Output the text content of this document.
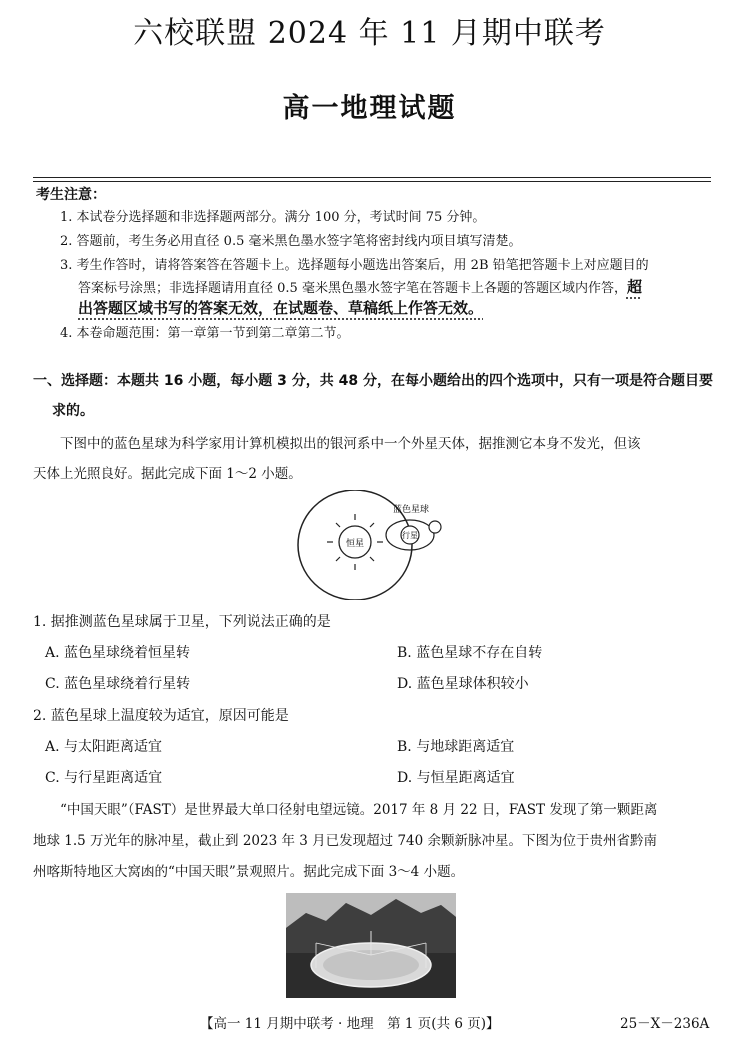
六校联盟 2024 年 11 月期中联考
高一地理试题
考生注意：
1. 本试卷分选择题和非选择题两部分。满分 100 分，考试时间 75 分钟。
2. 答题前，考生务必用直径 0.5 毫米黑色墨水签字笔将密封线内项目填写清楚。
3. 考生作答时，请将答案答在答题卡上。选择题每小题选出答案后，用 2B 铅笔把答题卡上对应题目的
答案标号涂黑；非选择题请用直径 0.5 毫米黑色墨水签字笔在答题卡上各题的答题区域内作答，超
出答题区域书写的答案无效，在试题卷、草稿纸上作答无效。
4. 本卷命题范围：第一章第一节到第二章第二节。
一、选择题：本题共 16 小题，每小题 3 分，共 48 分，在每小题给出的四个选项中，只有一项是符合题目要
求的。
下图中的蓝色星球为科学家用计算机模拟出的银河系中一个外星天体，据推测它本身不发光，但该
天体上光照良好。据此完成下面 1～2 小题。
恒星
行星
蓝色星球
1. 据推测蓝色星球属于卫星，下列说法正确的是
A. 蓝色星球绕着恒星转	B. 蓝色星球不存在自转
C. 蓝色星球绕着行星转	D. 蓝色星球体积较小
2. 蓝色星球上温度较为适宜，原因可能是
A. 与太阳距离适宜	B. 与地球距离适宜
C. 与行星距离适宜	D. 与恒星距离适宜
“中国天眼”（FAST）是世界最大单口径射电望远镜。2017 年 8 月 22 日，FAST 发现了第一颗距离
地球 1.5 万光年的脉冲星，截止到 2023 年 3 月已发现超过 740 余颗新脉冲星。下图为位于贵州省黔南
州喀斯特地区大窝凼的“中国天眼”景观照片。据此完成下面 3～4 小题。
【高一 11 月期中联考 · 地理　第 1 页(共 6 页)】	25－X－236A
